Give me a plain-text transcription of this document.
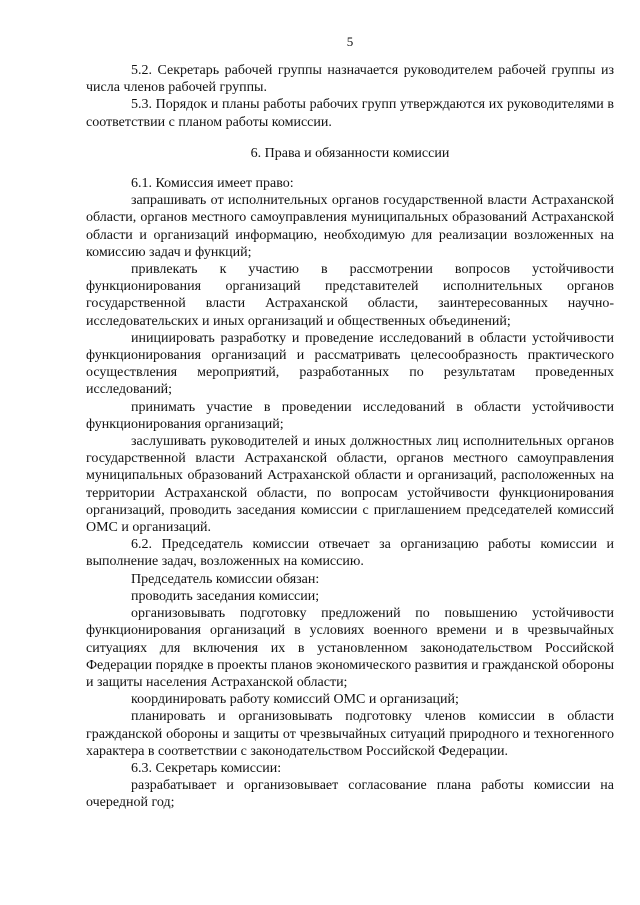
5

5.2. Секретарь рабочей группы назначается руководителем рабочей группы из числа членов рабочей группы.

5.3. Порядок и планы работы рабочих групп утверждаются их руководителями в соответствии с планом работы комиссии.

6. Права и обязанности комиссии

6.1. Комиссия имеет право:

запрашивать от исполнительных органов государственной власти Астраханской области, органов местного самоуправления муниципальных образований Астраханской области и организаций информацию, необходимую для реализации возложенных на комиссию задач и функций;

привлекать к участию в рассмотрении вопросов устойчивости функционирования организаций представителей исполнительных органов государственной власти Астраханской области, заинтересованных научно-исследовательских и иных организаций и общественных объединений;

инициировать разработку и проведение исследований в области устойчивости функционирования организаций и рассматривать целесообразность практического осуществления мероприятий, разработанных по результатам проведенных исследований;

принимать участие в проведении исследований в области устойчивости функционирования организаций;

заслушивать руководителей и иных должностных лиц исполнительных органов государственной власти Астраханской области, органов местного самоуправления муниципальных образований Астраханской области и организаций, расположенных на территории Астраханской области, по вопросам устойчивости функционирования организаций, проводить заседания комиссии с приглашением председателей комиссий ОМС и организаций.

6.2. Председатель комиссии отвечает за организацию работы комиссии и выполнение задач, возложенных на комиссию.

Председатель комиссии обязан:

проводить заседания комиссии;

организовывать подготовку предложений по повышению устойчивости функционирования организаций в условиях военного времени и в чрезвычайных ситуациях для включения их в установленном законодательством Российской Федерации порядке в проекты планов экономического развития и гражданской обороны и защиты населения Астраханской области;

координировать работу комиссий ОМС и организаций;

планировать и организовывать подготовку членов комиссии в области гражданской обороны и защиты от чрезвычайных ситуаций природного и техногенного характера в соответствии с законодательством Российской Федерации.

6.3. Секретарь комиссии:

разрабатывает и организовывает согласование плана работы комиссии на очередной год;
